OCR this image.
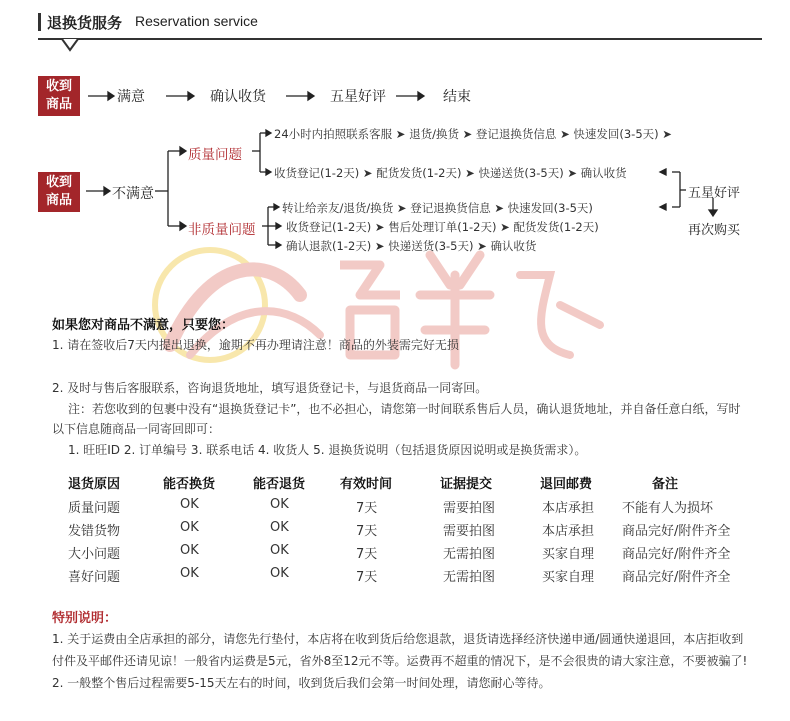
退换货服务 Reservation service
收到
商品	满意	确认收货	五星好评	结束
收到
商品	不满意
质量问题
非质量问题
24小时内拍照联系客服 ➤ 退货/换货 ➤ 登记退换货信息 ➤ 快速发回(3-5天) ➤
收货登记(1-2天) ➤ 配货发货(1-2天) ➤ 快递送货(3-5天) ➤ 确认收货
转让给亲友/退货/换货 ➤ 登记退换货信息 ➤ 快速发回(3-5天)
收货登记(1-2天) ➤ 售后处理订单(1-2天) ➤ 配货发货(1-2天)
确认退款(1-2天) ➤ 快递送货(3-5天) ➤ 确认收货
五星好评
再次购买
如果您对商品不满意，只要您：
1. 请在签收后7天内提出退换，逾期不再办理请注意！商品的外装需完好无损
2. 及时与售后客服联系，咨询退货地址，填写退货登记卡，与退货商品一同寄回。
注：若您收到的包裹中没有“退换货登记卡”，也不必担心，请您第一时间联系售后人员，确认退货地址，并自备任意白纸，写时
以下信息随商品一同寄回即可：
1. 旺旺ID 2. 订单编号 3. 联系电话 4. 收货人 5. 退换货说明（包括退货原因说明或是换货需求）。
退货原因	能否换货	能否退货	有效时间	证据提交	退回邮费	备注
质量问题	OK	OK	7天	需要拍图	本店承担 不能有人为损坏
发错货物	OK	OK	7天	需要拍图	本店承担 商品完好/附件齐全
大小问题	OK	OK	7天	无需拍图	买家自理 商品完好/附件齐全
喜好问题	OK	OK	7天	无需拍图	买家自理 商品完好/附件齐全
特别说明：
1. 关于运费由全店承担的部分，请您先行垫付，本店将在收到货后给您退款，退货请选择经济快递申通/圆通快递退回，本店拒收到
付件及平邮件还请见谅！一般省内运费是5元，省外8至12元不等。运费再不超重的情况下，是不会很贵的请大家注意，不要被骗了!
2. 一般整个售后过程需要5-15天左右的时间，收到货后我们会第一时间处理，请您耐心等待。
